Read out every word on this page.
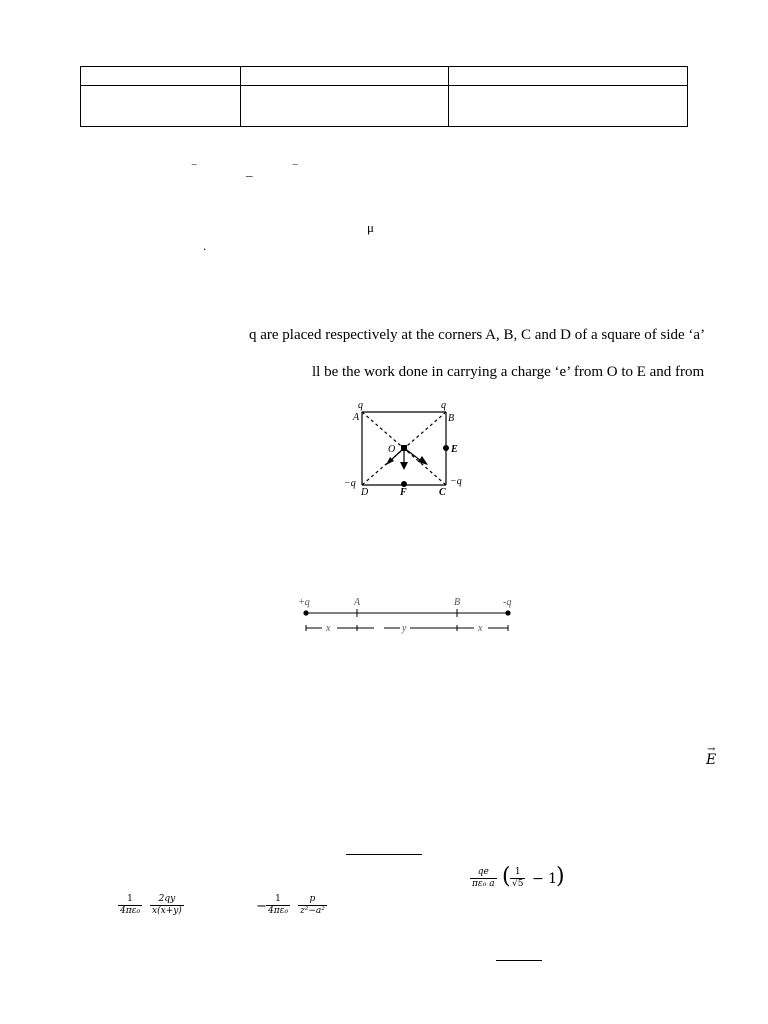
‾	_	‾
μ
.
q are placed respectively at the corners A, B, C and D of a square of side ‘a’
ll be the work done in carrying a charge ‘e’ from O to E and from
q	q
A	B
O	E
−q	−q
D	F	C
+q	A	B	-q
x	y	x
→
E
$\frac{qe}{\text{πε₀ a}}$ ( $\frac{1}{√5} - 1$
)
$\frac{1}{\text{4πε₀}} \frac{2qy}{x(x+y)}$	− $\frac{1}{\text{4πε₀}} \frac{p}{\text{z²−a²}}$
